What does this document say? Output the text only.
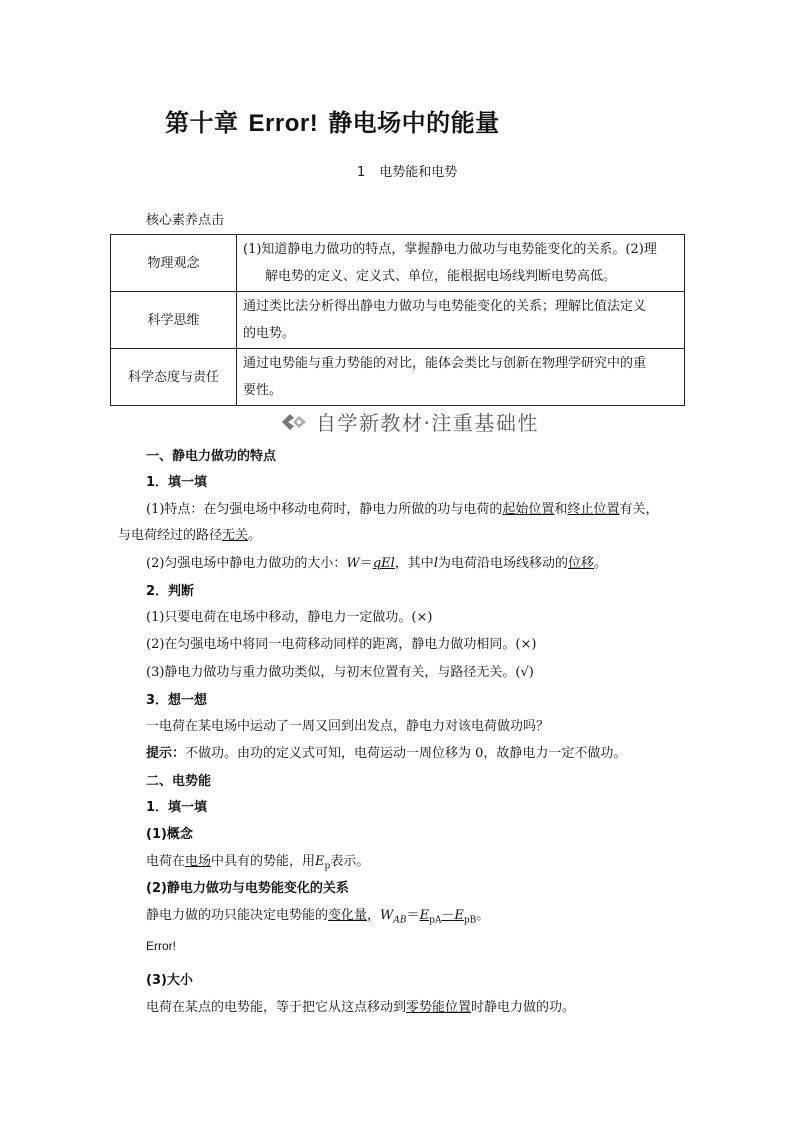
第十章 Error! 静电场中的能量
1 电势能和电势
核心素养点击
物理观念	(1)知道静电力做功的特点，掌握静电力做功与电势能变化的关系。(2)理
解电势的定义、定义式、单位，能根据电场线判断电势高低。

科学思维	通过类比法分析得出静电力做功与电势能变化的关系；理解比值法定义
的电势。

科学态度与责任	通过电势能与重力势能的对比，能体会类比与创新在物理学研究中的重
要性。
自学新教材·注重基础性
一、静电力做功的特点
1．填一填
(1)特点：在匀强电场中移动电荷时，静电力所做的功与电荷的起始位置和终止位置有关，
与电荷经过的路径无关。
(2)匀强电场中静电力做功的大小：W＝qEl，其中l为电荷沿电场线移动的位移。
2．判断
(1)只要电荷在电场中移动，静电力一定做功。(×)
(2)在匀强电场中将同一电荷移动同样的距离，静电力做功相同。(×)
(3)静电力做功与重力做功类似，与初末位置有关，与路径无关。(√)
3．想一想
一电荷在某电场中运动了一周又回到出发点，静电力对该电荷做功吗？
提示：不做功。由功的定义式可知，电荷运动一周位移为 0，故静电力一定不做功。
二、电势能
1．填一填
(1)概念
电荷在电场中具有的势能，用$E_p$表示。
(2)静电力做功与电势能变化的关系
静电力做的功只能决定电势能的变化量，$W_{AB}=E_{pA}-E_{pB}$。
Error!
(3)大小
电荷在某点的电势能，等于把它从这点移动到零势能位置时静电力做的功。
